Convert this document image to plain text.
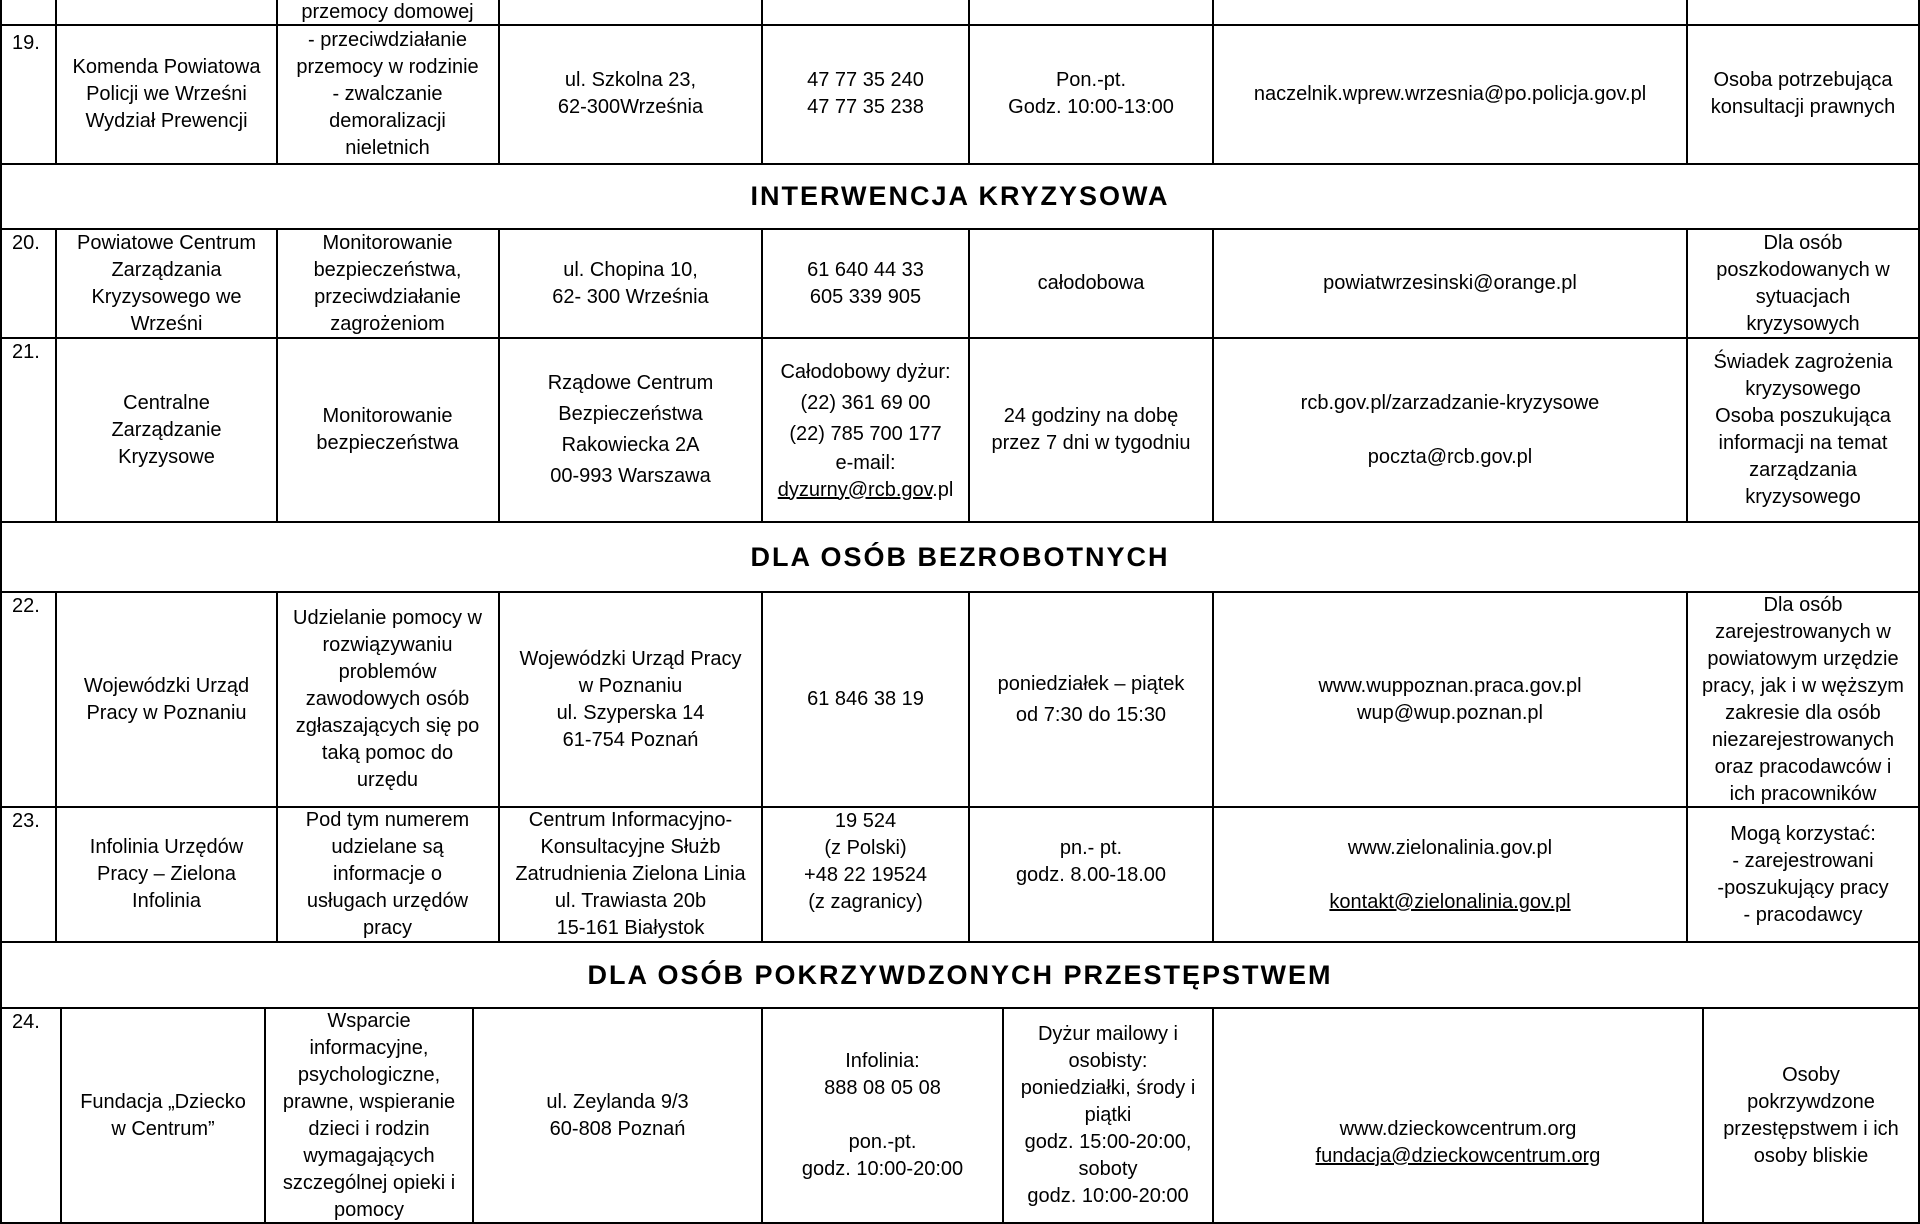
przemocy domowej
19.
Komenda Powiatowa
Policji we Wrześni
Wydział Prewencji
- przeciwdziałanie
przemocy w rodzinie
- zwalczanie
demoralizacji
nieletnich
ul. Szkolna 23,
62-300Września
47 77 35 240
47 77 35 238
Pon.-pt.
Godz. 10:00-13:00
naczelnik.wprew.wrzesnia@po.policja.gov.pl
Osoba potrzebująca
konsultacji prawnych
INTERWENCJA KRYZYSOWA
20. Powiatowe Centrum
Zarządzania
Kryzysowego we
Wrześni
Monitorowanie
bezpieczeństwa,
przeciwdziałanie
zagrożeniom
ul. Chopina 10,
62- 300 Września
61 640 44 33
605 339 905
całodobowa	powiatwrzesinski@orange.pl
Dla osób
poszkodowanych w
sytuacjach
kryzysowych
21.
Centralne
Zarządzanie
Kryzysowe
Monitorowanie
bezpieczeństwa
Rządowe Centrum
Bezpieczeństwa
Rakowiecka 2A
00-993 Warszawa
Całodobowy dyżur:
(22) 361 69 00
(22) 785 700 177
e-mail:
dyzurny@rcb.gov.pl
24 godziny na dobę
przez 7 dni w tygodniu
rcb.gov.pl/zarzadzanie-kryzysowe
poczta@rcb.gov.pl
Świadek zagrożenia
kryzysowego
Osoba poszukująca
informacji na temat
zarządzania
kryzysowego
DLA OSÓB BEZROBOTNYCH
22.
Wojewódzki Urząd
Pracy w Poznaniu
Udzielanie pomocy w
rozwiązywaniu
problemów
zawodowych osób
zgłaszających się po
taką pomoc do
urzędu
Wojewódzki Urząd Pracy
w Poznaniu
ul. Szyperska 14
61-754 Poznań
61 846 38 19
poniedziałek – piątek
od 7:30 do 15:30
www.wuppoznan.praca.gov.pl
wup@wup.poznan.pl
Dla osób
zarejestrowanych w
powiatowym urzędzie
pracy, jak i w węższym
zakresie dla osób
niezarejestrowanych
oraz pracodawców i
ich pracowników
23.
Infolinia Urzędów
Pracy – Zielona
Infolinia
Pod tym numerem
udzielane są
informacje o
usługach urzędów
pracy
Centrum Informacyjno-
Konsultacyjne Służb
Zatrudnienia Zielona Linia
ul. Trawiasta 20b
15-161 Białystok
19 524
(z Polski)
+48 22 19524
(z zagranicy)
pn.- pt.
godz. 8.00-18.00
www.zielonalinia.gov.pl
kontakt@zielonalinia.gov.pl
Mogą korzystać:
- zarejestrowani
-poszukujący pracy
- pracodawcy
DLA OSÓB POKRZYWDZONYCH PRZESTĘPSTWEM
24.
Fundacja „Dziecko
w Centrum”
Wsparcie
informacyjne,
psychologiczne,
prawne, wspieranie
dzieci i rodzin
wymagających
szczególnej opieki i
pomocy
ul. Zeylanda 9/3
60-808 Poznań
Infolinia:
888 08 05 08
pon.-pt.
godz. 10:00-20:00
Dyżur mailowy i
osobisty:
poniedziałki, środy i
piątki
godz. 15:00-20:00,
soboty
godz. 10:00-20:00
www.dzieckowcentrum.org
fundacja@dzieckowcentrum.org
Osoby
pokrzywdzone
przestępstwem i ich
osoby bliskie
